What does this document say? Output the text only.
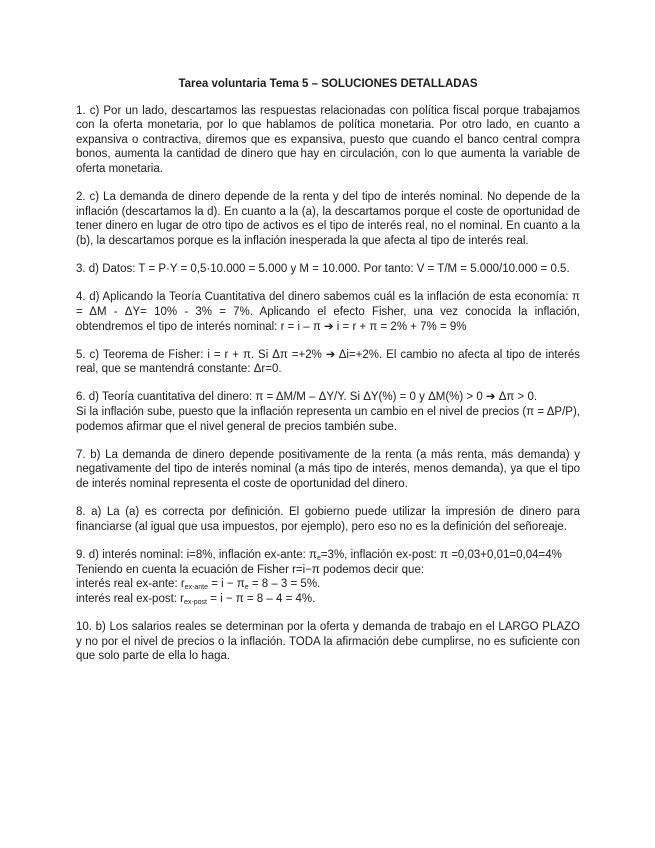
Tarea voluntaria Tema 5 – SOLUCIONES DETALLADAS

1. c) Por un lado, descartamos las respuestas relacionadas con política fiscal porque trabajamos con la oferta monetaria, por lo que hablamos de política monetaria. Por otro lado, en cuanto a expansiva o contractiva, diremos que es expansiva, puesto que cuando el banco central compra bonos, aumenta la cantidad de dinero que hay en circulación, con lo que aumenta la variable de oferta monetaria.

2. c) La demanda de dinero depende de la renta y del tipo de interés nominal. No depende de la inflación (descartamos la d). En cuanto a la (a), la descartamos porque el coste de oportunidad de tener dinero en lugar de otro tipo de activos es el tipo de interés real, no el nominal. En cuanto a la (b), la descartamos porque es la inflación inesperada la que afecta al tipo de interés real.

3. d) Datos: T = P·Y = 0,5·10.000 = 5.000 y M = 10.000. Por tanto: V = T/M = 5.000/10.000 = 0.5.

4. d) Aplicando la Teoría Cuantitativa del dinero sabemos cuál es la inflación de esta economía: π = ΔM - ΔY= 10% - 3% = 7%. Aplicando el efecto Fisher, una vez conocida la inflación, obtendremos el tipo de interés nominal: r = i – π ➔ i = r + π = 2% + 7% = 9%

5. c) Teorema de Fisher: i = r + π. Si Δπ =+2% ➔ Δi=+2%. El cambio no afecta al tipo de interés real, que se mantendrá constante: Δr=0.

6. d) Teoría cuantitativa del dinero: π = ΔM/M – ΔY/Y. Si ΔY(%) = 0 y ΔM(%) > 0 ➔ Δπ > 0.
Si la inflación sube, puesto que la inflación representa un cambio en el nivel de precios (π = ΔP/P), podemos afirmar que el nivel general de precios también sube.

7. b) La demanda de dinero depende positivamente de la renta (a más renta, más demanda) y negativamente del tipo de interés nominal (a más tipo de interés, menos demanda), ya que el tipo de interés nominal representa el coste de oportunidad del dinero.

8. a) La (a) es correcta por definición. El gobierno puede utilizar la impresión de dinero para financiarse (al igual que usa impuestos, por ejemplo), pero eso no es la definición del señoreaje.

9. d) interés nominal: i=8%, inflación ex-ante: $\pi_e=3\%$, inflación ex-post: π =0,03+0,01=0,04=4%
Teniendo en cuenta la ecuación de Fisher r=i−π podemos decir que:
interés real ex-ante: $r_{ex-ante} = i - \pi_e = 8 - 3 = 5\%$.
interés real ex-post: $r_{ex-post} = i - \pi = 8 - 4 = 4\%$.

10. b) Los salarios reales se determinan por la oferta y demanda de trabajo en el LARGO PLAZO y no por el nivel de precios o la inflación. TODA la afirmación debe cumplirse, no es suficiente con que solo parte de ella lo haga.
